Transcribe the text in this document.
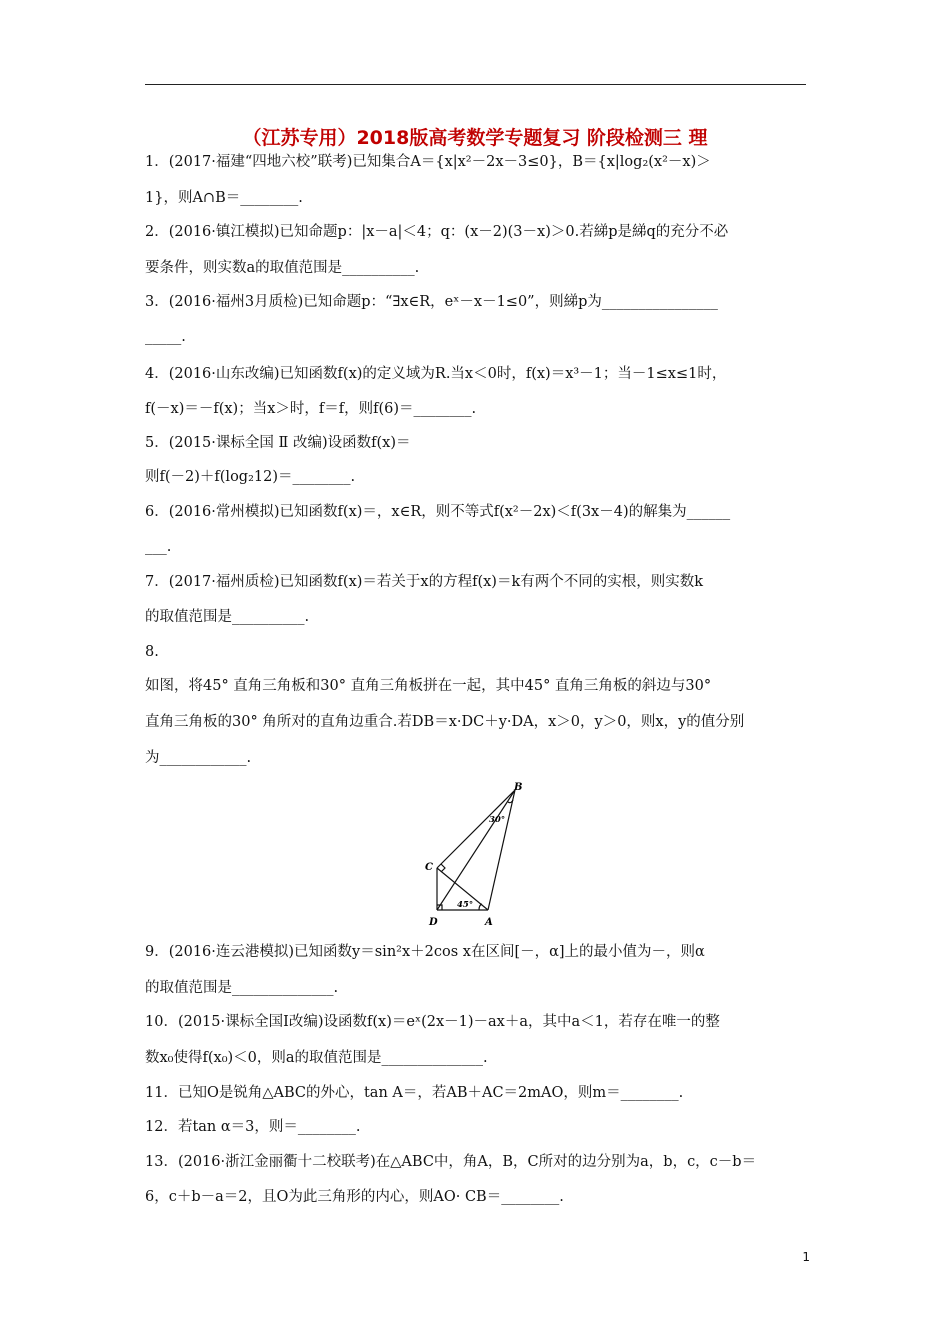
（江苏专用）2018版高考数学专题复习 阶段检测三 理
1．(2017·福建“四地六校”联考)已知集合A＝{x|x²－2x－3≤0}，B＝{x|log₂(x²－x)＞
1}，则A∩B＝________.
2．(2016·镇江模拟)已知命题p：|x－a|＜4；q：(x－2)(3－x)＞0.若綈p是綈q的充分不必
要条件，则实数a的取值范围是__________.
3．(2016·福州3月质检)已知命题p：“∃x∈R，eˣ－x－1≤0”，则綈p为________________
_____.
4．(2016·山东改编)已知函数f(x)的定义域为R.当x＜0时，f(x)＝x³－1；当－1≤x≤1时，
f(－x)＝－f(x)；当x＞时，f＝f，则f(6)＝________.
5．(2015·课标全国 Ⅱ 改编)设函数f(x)＝
则f(－2)＋f(log₂12)＝________.
6．(2016·常州模拟)已知函数f(x)＝，x∈R，则不等式f(x²－2x)＜f(3x－4)的解集为______
___.
7．(2017·福州质检)已知函数f(x)＝若关于x的方程f(x)＝k有两个不同的实根，则实数k
的取值范围是__________.
8.
如图，将45° 直角三角板和30° 直角三角板拼在一起，其中45° 直角三角板的斜边与30°
直角三角板的30° 角所对的直角边重合.若DB＝x·DC＋y·DA，x＞0，y＞0，则x，y的值分别
为____________.
B
C
D	A
30°
45°
9．(2016·连云港模拟)已知函数y＝sin²x＋2cos x在区间[－，α]上的最小值为－，则α
的取值范围是______________.
10．(2015·课标全国Ⅰ改编)设函数f(x)＝eˣ(2x－1)－ax＋a，其中a＜1，若存在唯一的整
数x₀使得f(x₀)＜0，则a的取值范围是______________.
11．已知O是锐角△ABC的外心，tan A＝，若AB＋AC＝2mAO，则m＝________.
12．若tan α＝3，则＝________.
13．(2016·浙江金丽衢十二校联考)在△ABC中，角A，B，C所对的边分别为a，b，c，c－b＝
6，c＋b－a＝2，且O为此三角形的内心，则AO· CB＝________.
1
